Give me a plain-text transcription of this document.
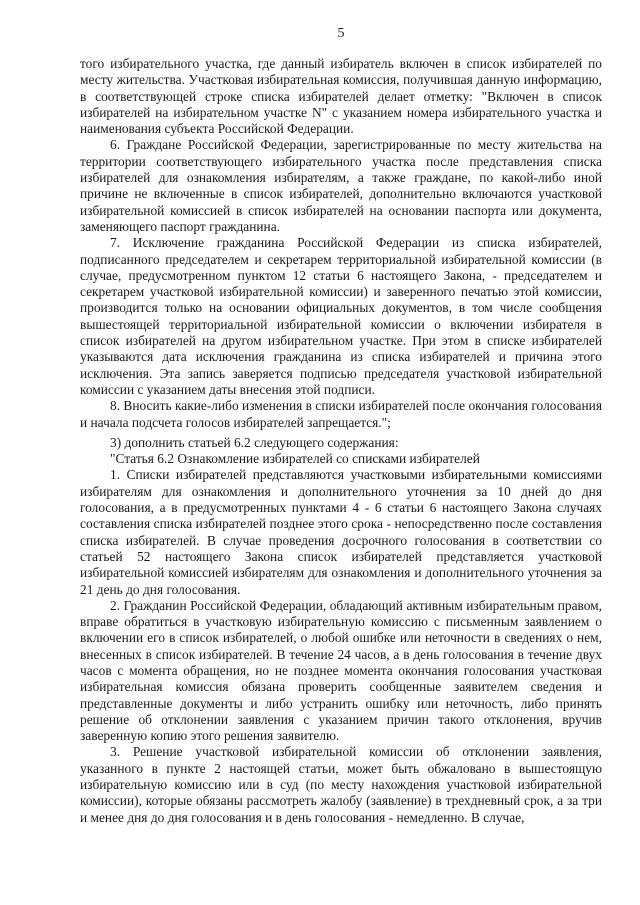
5

того избирательного участка, где данный избиратель включен в список избирателей по месту жительства. Участковая избирательная комиссия, получившая данную информацию, в соответствующей строке списка избирателей делает отметку: "Включен в список избирателей на избирательном участке N" с указанием номера избирательного участка и наименования субъекта Российской Федерации.

6. Граждане Российской Федерации, зарегистрированные по месту жительства на территории соответствующего избирательного участка после представления списка избирателей для ознакомления избирателям, а также граждане, по какой-либо иной причине не включенные в список избирателей, дополнительно включаются участковой избирательной комиссией в список избирателей на основании паспорта или документа, заменяющего паспорт гражданина.

7. Исключение гражданина Российской Федерации из списка избирателей, подписанного председателем и секретарем территориальной избирательной комиссии (в случае, предусмотренном пунктом 12 статьи 6 настоящего Закона, - председателем и секретарем участковой избирательной комиссии) и заверенного печатью этой комиссии, производится только на основании официальных документов, в том числе сообщения вышестоящей территориальной избирательной комиссии о включении избирателя в список избирателей на другом избирательном участке. При этом в списке избирателей указываются дата исключения гражданина из списка избирателей и причина этого исключения. Эта запись заверяется подписью председателя участковой избирательной комиссии с указанием даты внесения этой подписи.

8. Вносить какие-либо изменения в списки избирателей после окончания голосования и начала подсчета голосов избирателей запрещается.";

3) дополнить статьей 6.2 следующего содержания:

"Статья 6.2 Ознакомление избирателей со списками избирателей

1. Списки избирателей представляются участковыми избирательными комиссиями избирателям для ознакомления и дополнительного уточнения за 10 дней до дня голосования, а в предусмотренных пунктами 4 - 6 статьи 6 настоящего Закона случаях составления списка избирателей позднее этого срока - непосредственно после составления списка избирателей. В случае проведения досрочного голосования в соответствии со статьей 52 настоящего Закона список избирателей представляется участковой избирательной комиссией избирателям для ознакомления и дополнительного уточнения за 21 день до дня голосования.

2. Гражданин Российской Федерации, обладающий активным избирательным правом, вправе обратиться в участковую избирательную комиссию с письменным заявлением о включении его в список избирателей, о любой ошибке или неточности в сведениях о нем, внесенных в список избирателей. В течение 24 часов, а в день голосования в течение двух часов с момента обращения, но не позднее момента окончания голосования участковая избирательная комиссия обязана проверить сообщенные заявителем сведения и представленные документы и либо устранить ошибку или неточность, либо принять решение об отклонении заявления с указанием причин такого отклонения, вручив заверенную копию этого решения заявителю.

3. Решение участковой избирательной комиссии об отклонении заявления, указанного в пункте 2 настоящей статьи, может быть обжаловано в вышестоящую избирательную комиссию или в суд (по месту нахождения участковой избирательной комиссии), которые обязаны рассмотреть жалобу (заявление) в трехдневный срок, а за три и менее дня до дня голосования и в день голосования - немедленно. В случае,
